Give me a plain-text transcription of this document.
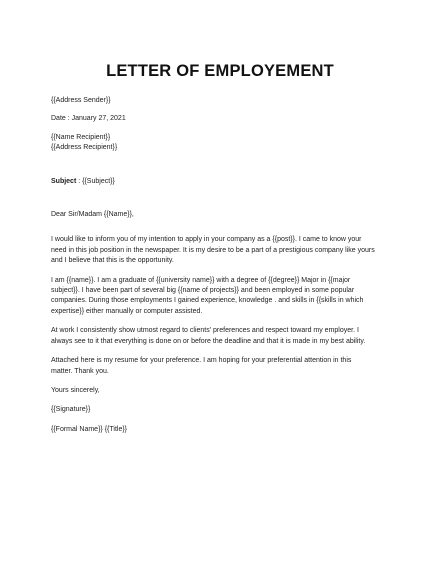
LETTER OF EMPLOYEMENT
{{Address Sender}}
Date : January 27, 2021
{{Name Recipient}}
{{Address Recipient}}
Subject : {{Subject}}
Dear Sir/Madam {{Name}},
I would like to inform you of my intention to apply in your company as a {{post}}. I came to know your
need in this job position in the newspaper. It is my desire to be a part of a prestigious company like yours
and I believe that this is the opportunity.
I am {{name}}. I am a graduate of {{university name}} with a degree of {{degree}} Major in {{major
subject}}. I have been part of several big {{name of projects}} and been employed in some popular
companies. During those employments I gained experience, knowledge . and skills in {{skills in which
expertise}} either manually or computer assisted.
At work I consistently show utmost regard to clients' preferences and respect toward my employer. I
always see to it that everything is done on or before the deadline and that it is made in my best ability.
Attached here is my resume for your preference. I am hoping for your preferential attention in this
matter. Thank you.
Yours sincerely,
{{Signature}}
{{Formal Name}} {{Title}}
